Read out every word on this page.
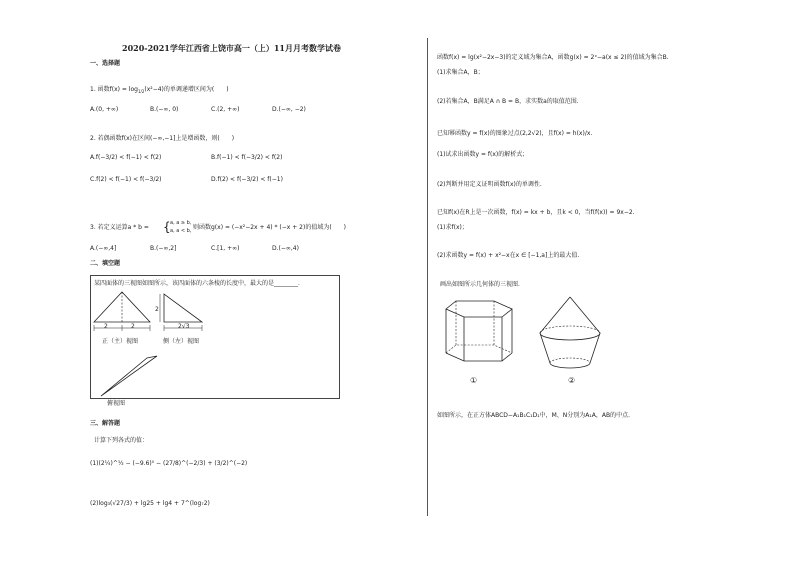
2020-2021学年江西省上饶市高一（上）11月月考数学试卷
一、选择题
1. 函数$f(x) = \log_{1/2}(x^2-4)$的单调递增区间为(　　)
A.(0, +∞)	B.(−∞, 0)	C.(2, +∞)	D.(−∞, −2)
2. 若偶函数f(x)在区间(−∞,−1]上是增函数，则(　　)
A.f(−3/2) < f(−1) < f(2)	B.f(−1) < f(−3/2) < f(2)
C.f(2) < f(−1) < f(−3/2)	D.f(2) < f(−3/2) < f(−1)
3. 若定义运算a * b = { a, a ≥ b,
a, a < b, 则函数g(x) = (−x²−2x + 4) * (−x + 2)的值域为(　　)
A.(−∞,4]	B.(−∞,2]	C.[1, +∞)	D.(−∞,4)
二、填空题
某四面体的三视图如图所示，该四面体的六条棱的长度中，最大的是________．
2	2
正（主）视图
2
2√3
侧（左）视图
俯视图
三、解答题
计算下列各式的值：
(1)(2¼)^½ − (−9.6)⁰ − (27/8)^(−2/3) + (3/2)^(−2)
(2)log₃(√27/3) + lg25 + lg4 + 7^(log₇2)
函数f(x) = lg(x²−2x−3)的定义域为集合A，函数g(x) = 2ˣ−a(x ≤ 2)的值域为集合B.
(1)求集合A，B；
(2)若集合A，B满足A ∩ B = B，求实数a的取值范围.
已知幂函数y = f(x)的图象过点(2,2√2)，且f(x) = h(x)/x.
(1)试求出函数y = f(x)的解析式；
(2)判断并用定义证明函数f(x)的单调性.
已知f(x)在R上是一次函数，f(x) = kx + b，且k < 0，当f(f(x)) = 9x−2.
(1)求f(x)；
(2)求函数y = f(x) + x²−x在x ∈ [−1,a]上的最大值.
画出如图所示几何体的三视图.
①	②
如图所示，在正方体ABCD−A₁B₁C₁D₁中，M、N分别为A₁A，AB的中点.
